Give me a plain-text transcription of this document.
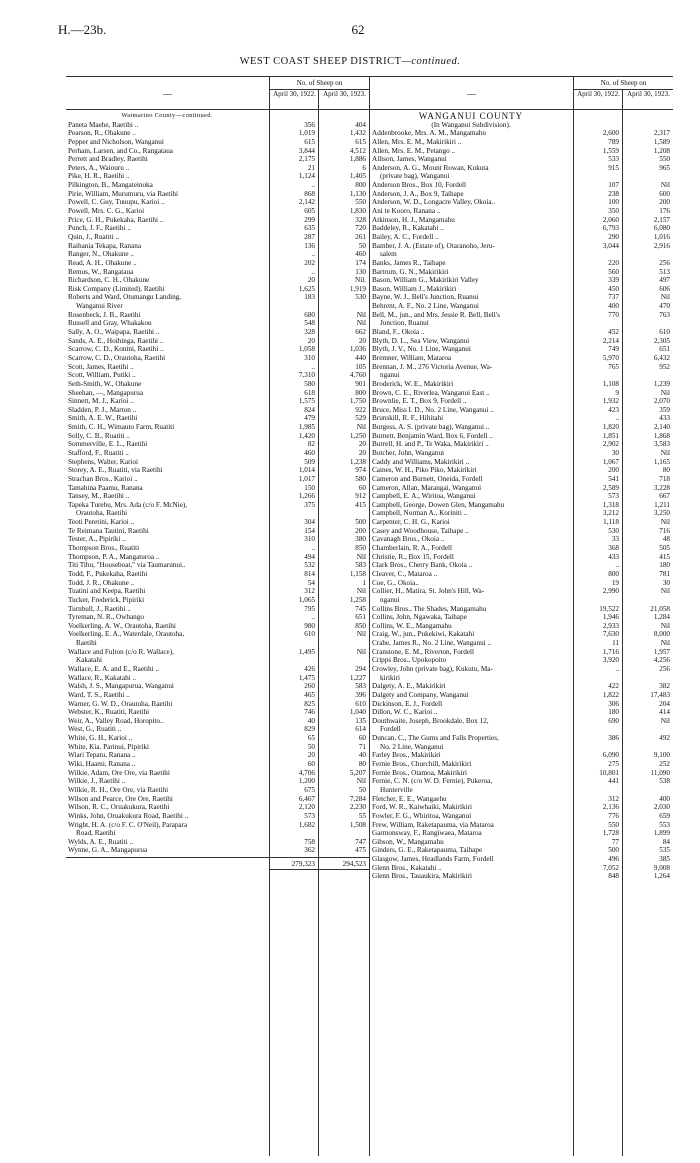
H.—23b.	62
WEST COAST SHEEP DISTRICT—continued.
—
No. of Sheep on
April 30, 1922.	April 30, 1923.
Waimarino County—continued.
Paneta Maehe, Raetihi ..	356	404
Pearson, R., Ohakune ..	1,019	1,432
Pepper and Nicholson, Wanganui	615	615
Perham, Larsen, and Co., Rangataua	3,844	4,512
Perrett and Bradley, Raetihi	2,175	1,886
Peters, A., Waiouru ..	21	6
Pike, H. R., Raetihi ..	1,124	1,405
Pilkington, B., Mangateinoka	..	800
Pirie, William, Murumuru, via Raetihi	868	1,130
Powell, C. Guy, Tuuupu, Karioi ..	2,142	550
Powell, Mrs. C. G., Karioi	605	1,830
Price, G. H., Pukekaha, Raetihi ..	299	328
Punch, J. F., Raetihi ..	635	720
Quin, J., Ruatiti ..	287	261
Raihania Tekapa, Ranana	136	50
Ranger, N., Ohakune ..	..	460
Read, A. H., Ohakune ..	202	174
Remus, W., Rangataua	..	130
Richardson, C. H., Ohakune	20	Nil.
Risk Company (Limited), Raetihi	1,625	1,919
Roberts and Ward, Otumangu Landing,	183	530
Wanganui River
Rosenbeck, J. B., Raetihi	680	Nil
Russell and Gray, Whakakou	548	Nil
Sally, A. O., Waipapa, Raetihi ..	328	662
Sands, A. E., Hoihinga, Raetihi ..	20	20
Scarrow, C. D., Konini, Raetihi ..	1,058	1,036
Scarrow, C. D., Orautoha, Raetihi	310	440
Scott, James, Raetihi ..	..	105
Scott, William, Putiki ..	7,310	4,760
Seth-Smith, W., Ohakune	580	901
Sheehan, —, Mangapurua	618	800
Sinnett, M. J., Karioi ..	1,575	1,750
Sladden, P. J., Marton ..	824	922
Smith, A. E. W., Raetihi	479	529
Smith, C. H., Wimauto Farm, Ruatiti	1,985	Nil
Solly, C. B., Ruatiti ..	1,420	1,250
Sommerville, E. L., Raetihi	82	20
Stafford, F., Ruatiti ..	460	20
Stephens, Walter, Karioi	509	1,238
Storey, A. E., Ruatiti, via Raetihi	1,014	974
Strachan Bros., Karioi ..	1,017	580
Tamahina Paamu, Ranana	150	60
Tansey, M., Raetihi ..	1,266	912
Tapeka Turehu, Mrs. Ada (c/o F. McNie),	375	415
Orautoha, Raetihi
Teoti Peretini, Karioi ..	304	500
Te Reimana Tautini, Raetihi	154	200
Tester, A., Pipiriki ..	310	380
Thompson Bros., Ruatiti	..	850
Thompson, P. A., Mangaturoa ..	494	Nil
Titi Tihu, "Houseboat," via Taumarunui..	532	583
Todd, F., Pukekaha, Raetihi	814	1,158
Todd, J. R., Ohakune ..	54	1
Tuatini and Keepa, Raetihi	312	Nil
Tucker, Frederick, Pipiriki	1,065	1,258
Turnbull, J., Raetihi ..	795	745
Tyreman, N. R., Owhango	..	651
Voelkerling, A. W., Orautoha, Raetihi	980	850
Voelkerling, E. A., Waterdale, Orautoha,	610	Nil
Raetihi
Wallace and Fulton (c/o R. Wallace),	1,495	Nil
Kakatahi
Wallace, E. A. and E., Raetihi ..	426	294
Wallace, R., Kakatahi ..	1,475	1,227
Walsh, J. S., Mangapurua, Wanganui	260	583
Ward, T. S., Raetihi ..	465	396
Warner, G. W. D., Orautoha, Raetihi	825	610
Webster, K., Ruatiti, Raetihi	746	1,040
Weir, A., Valley Road, Horopito..	40	135
West, G., Ruatiti ..	829	614
White, G. H., Karioi ..	65	60
White, Kia. Parinui, Pipiriki	50	71
Wiari Tepatu, Ranana ..	20	40
Wiki, Haami, Ranana ..	60	80
Wilkie, Adam, Ore Ore, via Raetihi	4,706	5,207
Wilkie, J., Raetihi ..	1,200	Nil
Wilkie, R. H., Ore Ore, via Raetihi	675	50
Wilson and Pearce, Ore Ore, Raetihi	6,467	7,284
Wilson, R. C., Oruakukura, Raetihi	2,120	2,230
Winks, John, Oruakukura Road, Raetihi ..	573	55
Wright, H. A. (c/o F. C. O'Neil), Parapara	1,682	1,508
Road, Raetihi
Wylds, A. E., Ruatiti ..	758	747
Wynne, G. A., Mangapurua	362	475
279,323	294,523
—
No. of Sheep on
April 30, 1922.	April 30, 1923.
WANGANUI COUNTY
(In Wanganui Subdivision).
Addenbrooke, Mrs. A. M., Mangamahu	2,600	2,317
Allen, Mrs. E. M., Makirikiri ..	789	1,589
Allen, Mrs. E. M., Petango ..	1,559	1,208
Allison, James, Wanganui	533	550
Anderson, A. G., Mount Rowan, Kukuta	915	965
(private bag), Wanganui
Anderson Bros., Box 10, Fordell	107	Nil
Anderson, J. A., Box 9, Taihape	238	600
Anderson, W. D., Longacre Valley, Okoia..	100	200
Ani te Kooro, Ranana ..	350	176
Atkinson, H. J., Mangamahu	2,060	2,157
Baddeley, R., Kakatahi ..	6,793	6,080
Bailey, A. C., Fordell ..	290	1,016
Bamber, J. A. (Estate of), Otaranoho, Jeru-	3,044	2,916
salem
Banks, James R., Taihape	220	256
Bartrum, G. N., Makirikiri	560	513
Bason, William G., Makirikiri Valley	339	497
Bason, William J., Makirikiri	450	606
Bayne, W. J., Bell's Junction, Ruanui	737	Nil
Behrent, A. F., No. 2 Line, Wanganui	400	470
Bell, M., jun., and Mrs. Jessie R. Bell, Bell's	770	763
Junction, Ruanui
Bland, F., Okoia ..	452	610
Blyth, D. L., Sea View, Wanganui	2,214	2,305
Blyth, J. V., No. 1 Line, Wanganui	749	651
Bremner, William, Mataroa	5,970	6,432
Brennan, J. M., 276 Victoria Avenue, Wa-	765	952
nganui
Broderick, W. E., Makirikiri	1,108	1,239
Brown, C. E., Riverlea, Wanganui East ..	9	Nil
Brownlie, E. T., Box 9, Fordell ..	1,932	2,070
Bruce, Miss I. D., No. 2 Line, Wanganui ..	423	359
Brunskill, R. F., Hihitahi	..	433
Burgess, A. S. (private bag), Wanganui ..	1,820	2,140
Burnett, Benjamin Ward, Box 6, Fordell ..	1,851	1,868
Burrell, H. and P., Te Waka, Makirikiri ..	2,902	3,583
Butcher, John, Wanganui	30	Nil
Caddy and Williams, Makirikiri ..	1,067	1,165
Caines, W. H., Piko Piko, Makirikiri	200	80
Cameron and Burnett, Oneida, Fordell	541	718
Cameron, Allan, Marangai, Wanganui	2,589	3,228
Campbell, E. A., Wiritoa, Wanganui	573	667
Campbell, George, Dowen Glen, Mangamahu	1,318	1,211
Campbell, Norman A., Koriniti ..	3,212	3,250
Carpenter, C. H. G., Karioi	1,118	Nil
Casey and Woodhouse, Taihape ..	530	716
Cavanagh Bros., Okoia ..	33	48
Chamberlain, R. A., Fordell	368	505
Christie, R., Box 15, Fordell	433	415
Clark Bros., Cherry Bank, Okoia ..	..	180
Cleaver, C., Mataroa ..	800	781
Coe, G., Okoia..	19	30
Collier, H., Matira, St. John's Hill, Wa-	2,990	Nil
nganui
Collins Bros., The Shades, Mangamahu	19,522	21,058
Collins, John, Ngawaka, Taihape	1,946	1,284
Collins, W. E., Mangamahu	2,933	Nil
Craig, W., jun., Pukekiwi, Kakatahi	7,630	8,000
Crahe, James R., No. 2 Line, Wanganui ..	11	Nil
Cranstone, E. M., Riverton, Fordell	1,716	1,957
Cripps Bros., Upokopoito	3,920	4,256
Crowley, John (private bag), Kukutu, Ma-	..	256
kirikiri
Dalgety, A. E., Makirikiri	422	382
Dalgety and Company, Wanganui	1,822	17,483
Dickinson, E. J., Fordell	306	204
Dillon, W. C., Karioi ..	180	414
Douthwaite, Joseph, Brookdale, Box 12,	690	Nil
Fordell
Duncan, C., The Gums and Falls Properties,	386	492
No. 2 Line, Wanganui
Farley Bros., Makirikiri	6,090	9,100
Fernie Bros., Churchill, Makirikiri	275	252
Fernie Bros., Otamoa, Makirikiri	10,801	11,090
Fernie, C. N. (c/o W. D. Fernie), Pukeroa,	441	538
Hunterville
Fletcher, E. E., Wangaehu	312	400
Ford, W. R., Kaiwhaiki, Makirikiri	2,136	2,030
Fowler, F. G., Whiritoa, Wanganui	776	659
Frew, William, Raketapauma, via Mataroa	550	553
Garmonsway, F., Rangiwaea, Mataroa	1,728	1,899
Gibson, W., Mangamahu	77	84
Ginders, G. E., Raketapauma, Taihape	500	535
Glasgow, James, Headlands Farm, Fordell	496	385
Glenn Bros., Kakatahi ..	7,052	9,008
Glenn Bros., Tauaukira, Makirikiri	848	1,264
